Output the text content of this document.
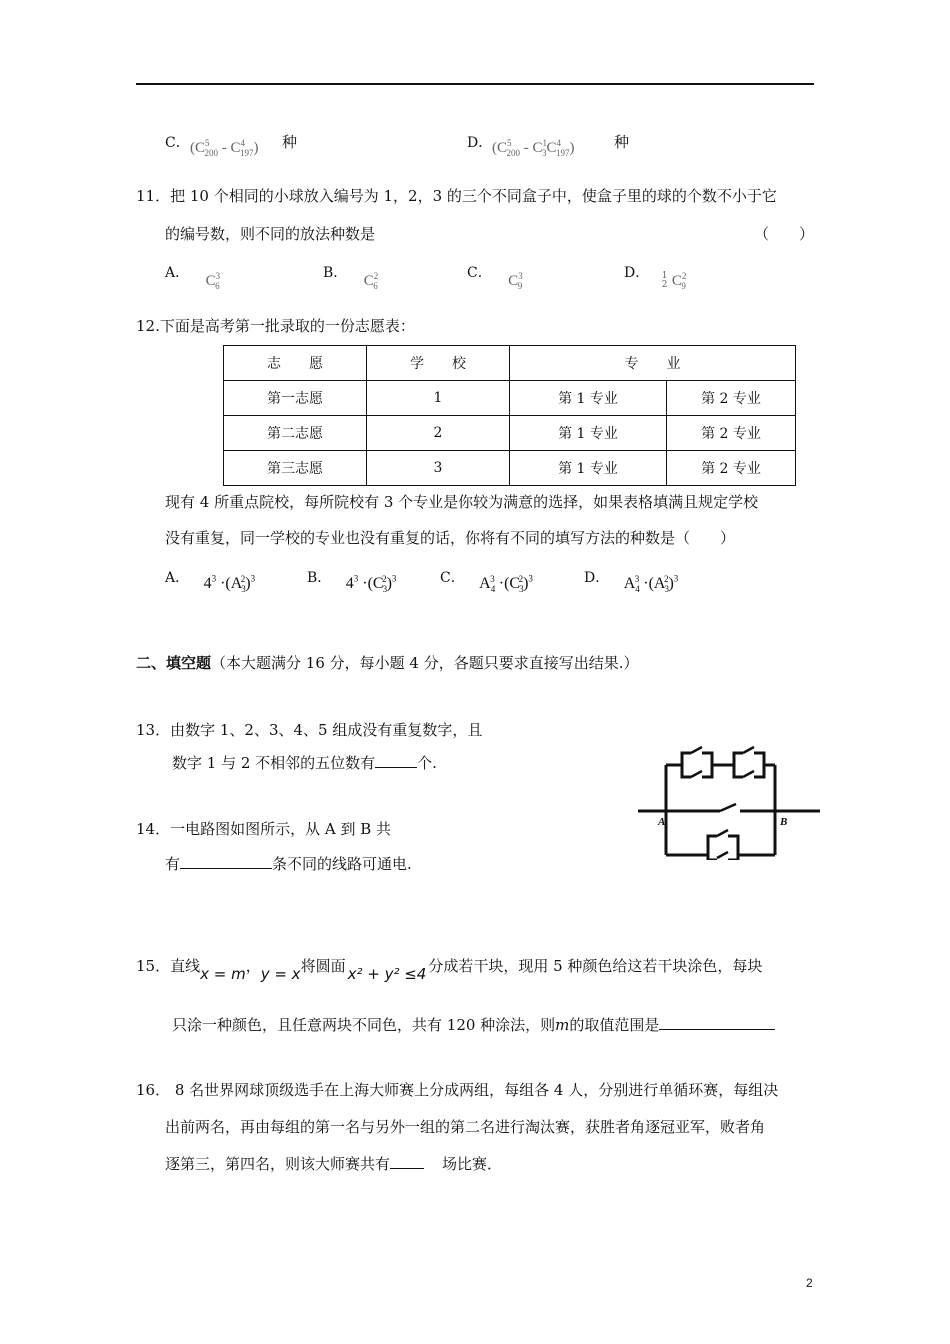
C． $(C^5_{200} - C^4_{197})$ 种	D． $(C^5_{200} - C^1_3C^4_{197})$	种
11．把 10 个相同的小球放入编号为 1，2，3 的三个不同盒子中，使盒子里的球的个数不小于它
的编号数，则不同的放法种数是	（　　）
A． $C^3_6$
B． $C^2_6$
C． $C^3_9$
D． 1
2 $C^2_9$
12.下面是高考第一批录取的一份志愿表：
志　　愿	学　　校	专　　业	
第一志愿	1	第 1 专业	第 2 专业
第二志愿	2	第 1 专业	第 2 专业
第三志愿	3	第 1 专业	第 2 专业
现有 4 所重点院校，每所院校有 3 个专业是你较为满意的选择，如果表格填满且规定学校
没有重复，同一学校的专业也没有重复的话，你将有不同的填写方法的种数是（　　）
A． $4^3 \cdot(A_3^2)^3$	B． $4^3 \cdot(C_3^2)^3$	C． $A_4^3 \cdot(C_3^2)^3$	D． $A_4^3 \cdot(A_3^2)^3$
二、填空题（本大题满分 16 分，每小题 4 分，各题只要求直接写出结果.）
13．由数字 1、2、3、4、5 组成没有重复数字，且
数字 1 与 2 不相邻的五位数有	个.
14．一电路图如图所示，从 A 到 B 共
有	条不同的线路可通电.
A	B
15．直线x = m，y = x将圆面 x² + y² ≤4 分成若干块，现用 5 种颜色给这若干块涂色，每块
只涂一种颜色，且任意两块不同色，共有 120 种涂法，则m的取值范围是
16． 8 名世界网球顶级选手在上海大师赛上分成两组，每组各 4 人，分别进行单循环赛，每组决
出前两名，再由每组的第一名与另外一组的第二名进行淘汰赛，获胜者角逐冠亚军，败者角
逐第三，第四名，则该大师赛共有	场比赛．
2
